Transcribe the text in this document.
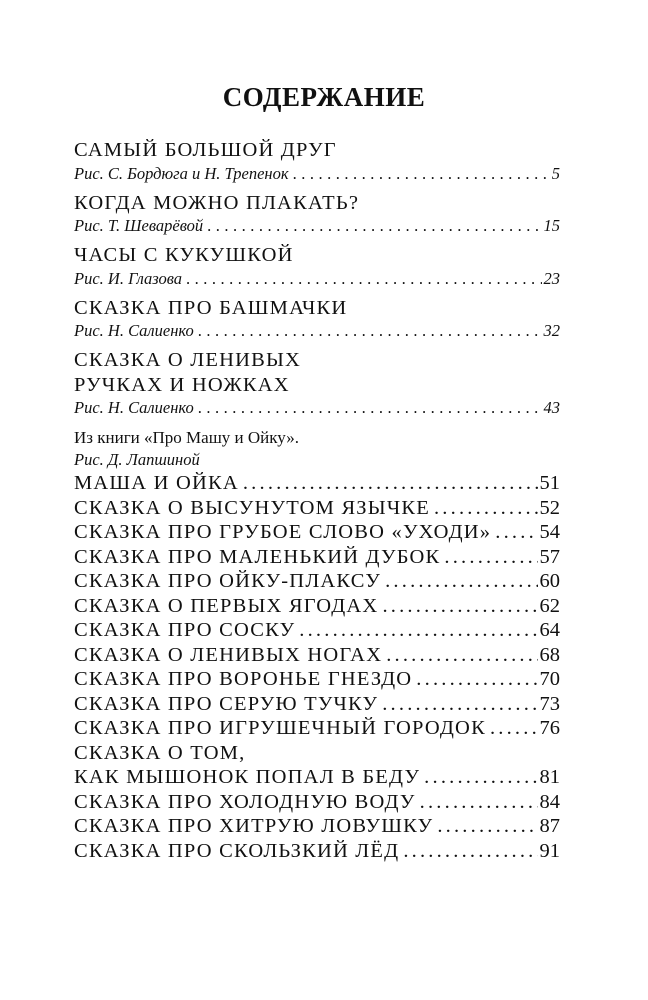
СОДЕРЖАНИЕ
САМЫЙ БОЛЬШОЙ ДРУГ
Рис. С. Бордюга и Н. Трепенок .....	5
КОГДА МОЖНО ПЛАКАТЬ?
Рис. Т. Шеварёвой .....	15
ЧАСЫ С КУКУШКОЙ
Рис. И. Глазова .....	23
СКАЗКА ПРО БАШМАЧКИ
Рис. Н. Салиенко .....	32
СКАЗКА О ЛЕНИВЫХ
РУЧКАХ И НОЖКАХ
Рис. Н. Салиенко .....	43
Из книги «Про Машу и Ойку».
Рис. Д. Лапшиной
МАША И ОЙКА .....	51
СКАЗКА О ВЫСУНУТОМ ЯЗЫЧКЕ .....	52
СКАЗКА ПРО ГРУБОЕ СЛОВО «УХОДИ» ..... 54
СКАЗКА ПРО МАЛЕНЬКИЙ ДУБОК .....	57
СКАЗКА ПРО ОЙКУ-ПЛАКСУ .....	60
СКАЗКА О ПЕРВЫХ ЯГОДАХ .....	62
СКАЗКА ПРО СОСКУ .....	64
СКАЗКА О ЛЕНИВЫХ НОГАХ .....	68
СКАЗКА ПРО ВОРОНЬЕ ГНЕЗДО .....	70
СКАЗКА ПРО СЕРУЮ ТУЧКУ .....	73
СКАЗКА ПРО ИГРУШЕЧНЫЙ ГОРОДОК .....	76
СКАЗКА О ТОМ,
КАК МЫШОНОК ПОПАЛ В БЕДУ .....	81
СКАЗКА ПРО ХОЛОДНУЮ ВОДУ .....	84
СКАЗКА ПРО ХИТРУЮ ЛОВУШКУ .....	87
СКАЗКА ПРО СКОЛЬЗКИЙ ЛЁД .....	91
